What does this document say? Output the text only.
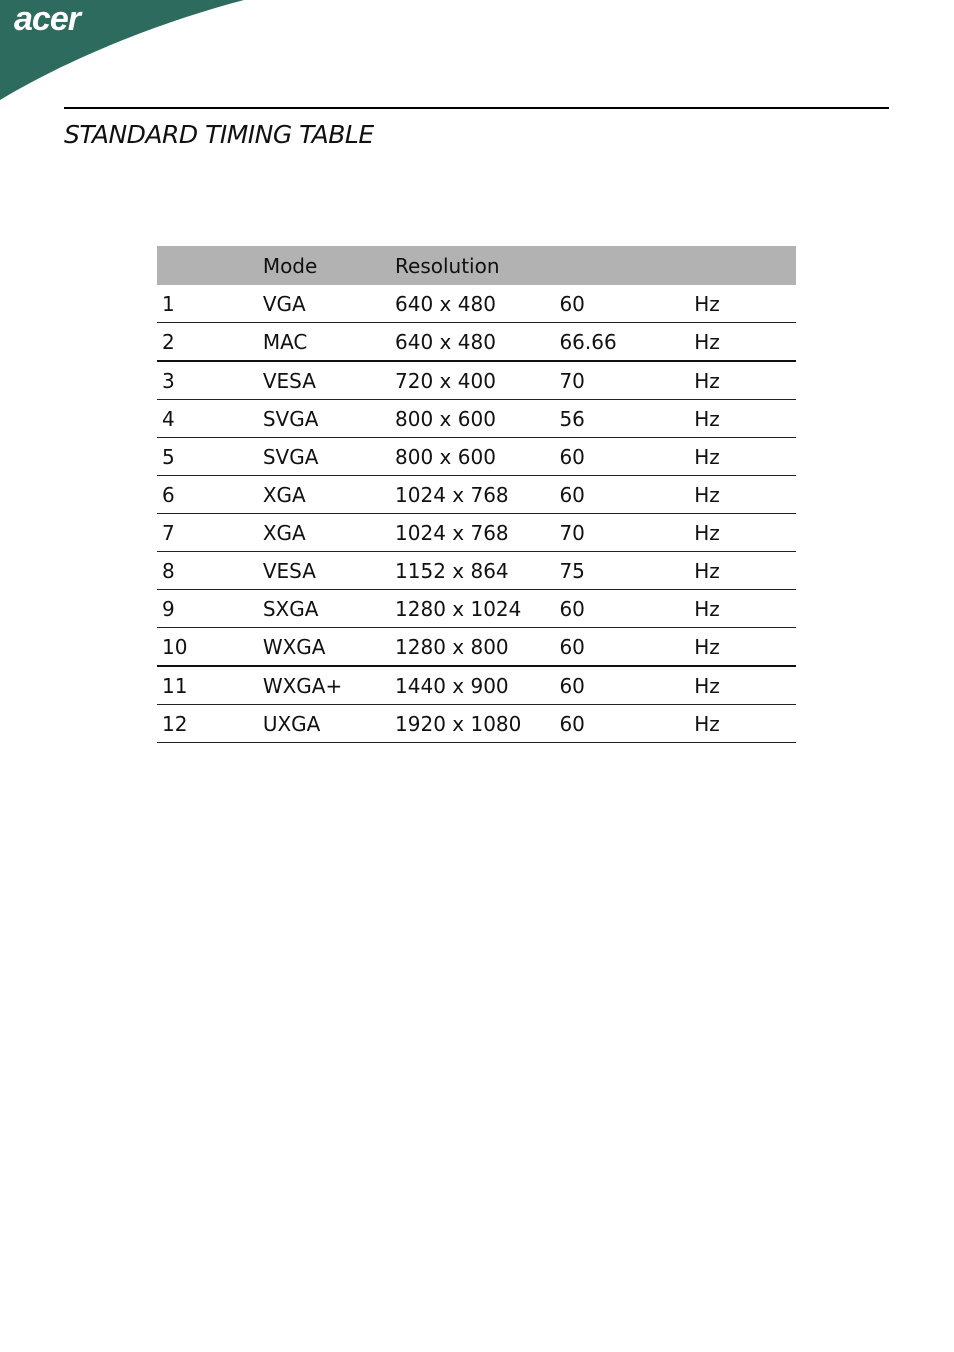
acer
STANDARD TIMING TABLE
	Mode	Resolution		
1	VGA	640 x 480	60	Hz
2	MAC	640 x 480	66.66	Hz
3	VESA	720 x 400	70	Hz
4	SVGA	800 x 600	56	Hz
5	SVGA	800 x 600	60	Hz
6	XGA	1024 x 768	60	Hz
7	XGA	1024 x 768	70	Hz
8	VESA	1152 x 864	75	Hz
9	SXGA	1280 x 1024	60	Hz
10	WXGA	1280 x 800	60	Hz
11	WXGA+	1440 x 900	60	Hz
12	UXGA	1920 x 1080	60	Hz
